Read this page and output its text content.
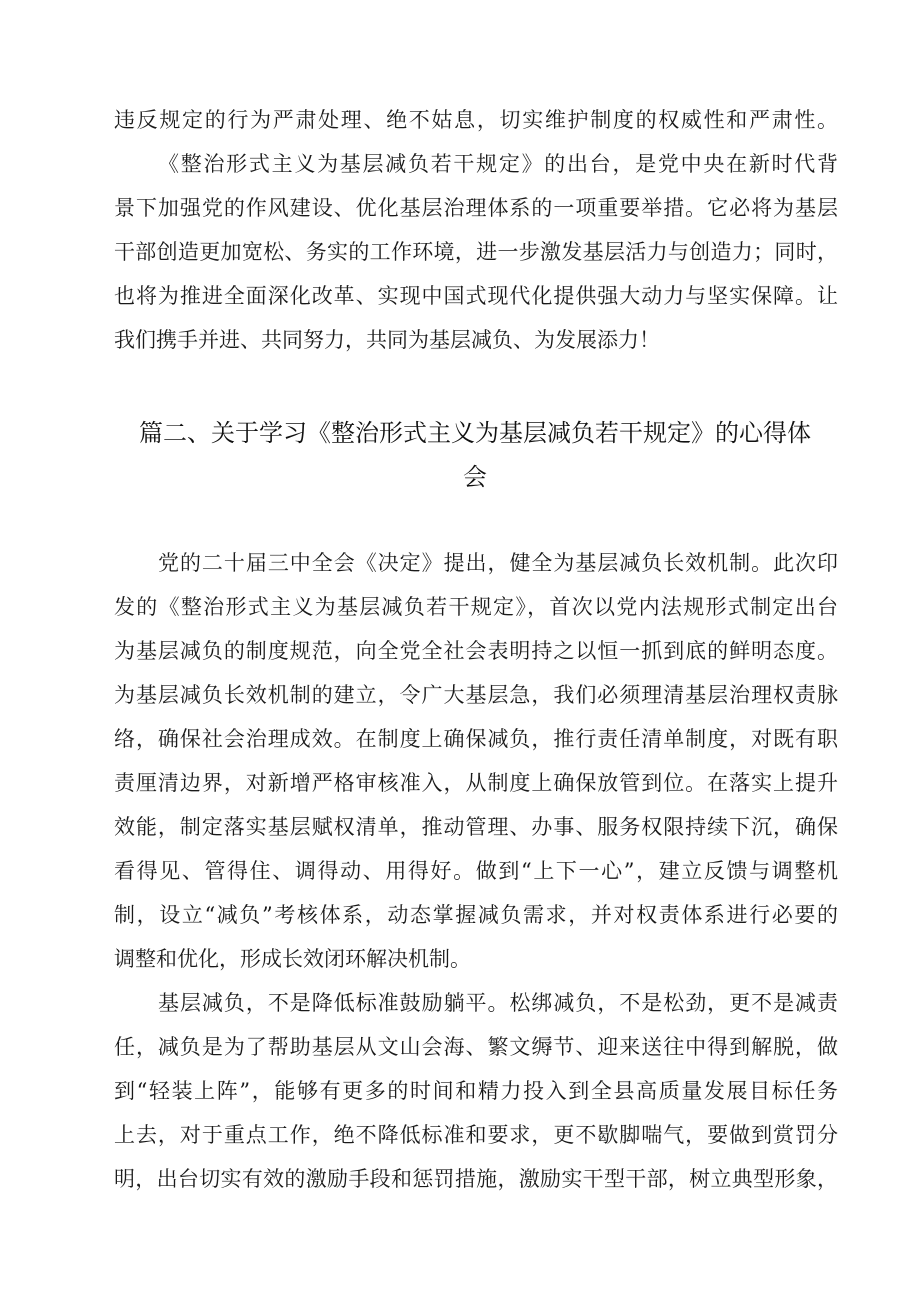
违反规定的行为严肃处理、绝不姑息，切实维护制度的权威性和严肃性。
《整治形式主义为基层减负若干规定》的出台，是党中央在新时代背
景下加强党的作风建设、优化基层治理体系的一项重要举措。它必将为基层
干部创造更加宽松、务实的工作环境，进一步激发基层活力与创造力；同时，
也将为推进全面深化改革、实现中国式现代化提供强大动力与坚实保障。让
我们携手并进、共同努力，共同为基层减负、为发展添力！
篇二、关于学习《整治形式主义为基层减负若干规定》的心得体
会
党的二十届三中全会《决定》提出，健全为基层减负长效机制。此次印
发的《整治形式主义为基层减负若干规定》，首次以党内法规形式制定出台
为基层减负的制度规范，向全党全社会表明持之以恒一抓到底的鲜明态度。
为基层减负长效机制的建立，令广大基层急，我们必须理清基层治理权责脉
络，确保社会治理成效。在制度上确保减负，推行责任清单制度，对既有职
责厘清边界，对新增严格审核准入，从制度上确保放管到位。在落实上提升
效能，制定落实基层赋权清单，推动管理、办事、服务权限持续下沉，确保
看得见、管得住、调得动、用得好。做到“上下一心”，建立反馈与调整机
制，设立“减负”考核体系，动态掌握减负需求，并对权责体系进行必要的
调整和优化，形成长效闭环解决机制。
基层减负，不是降低标准鼓励躺平。松绑减负，不是松劲，更不是减责
任，减负是为了帮助基层从文山会海、繁文缛节、迎来送往中得到解脱，做
到“轻装上阵”，能够有更多的时间和精力投入到全县高质量发展目标任务
上去，对于重点工作，绝不降低标准和要求，更不歇脚喘气，要做到赏罚分
明，出台切实有效的激励手段和惩罚措施，激励实干型干部，树立典型形象，
